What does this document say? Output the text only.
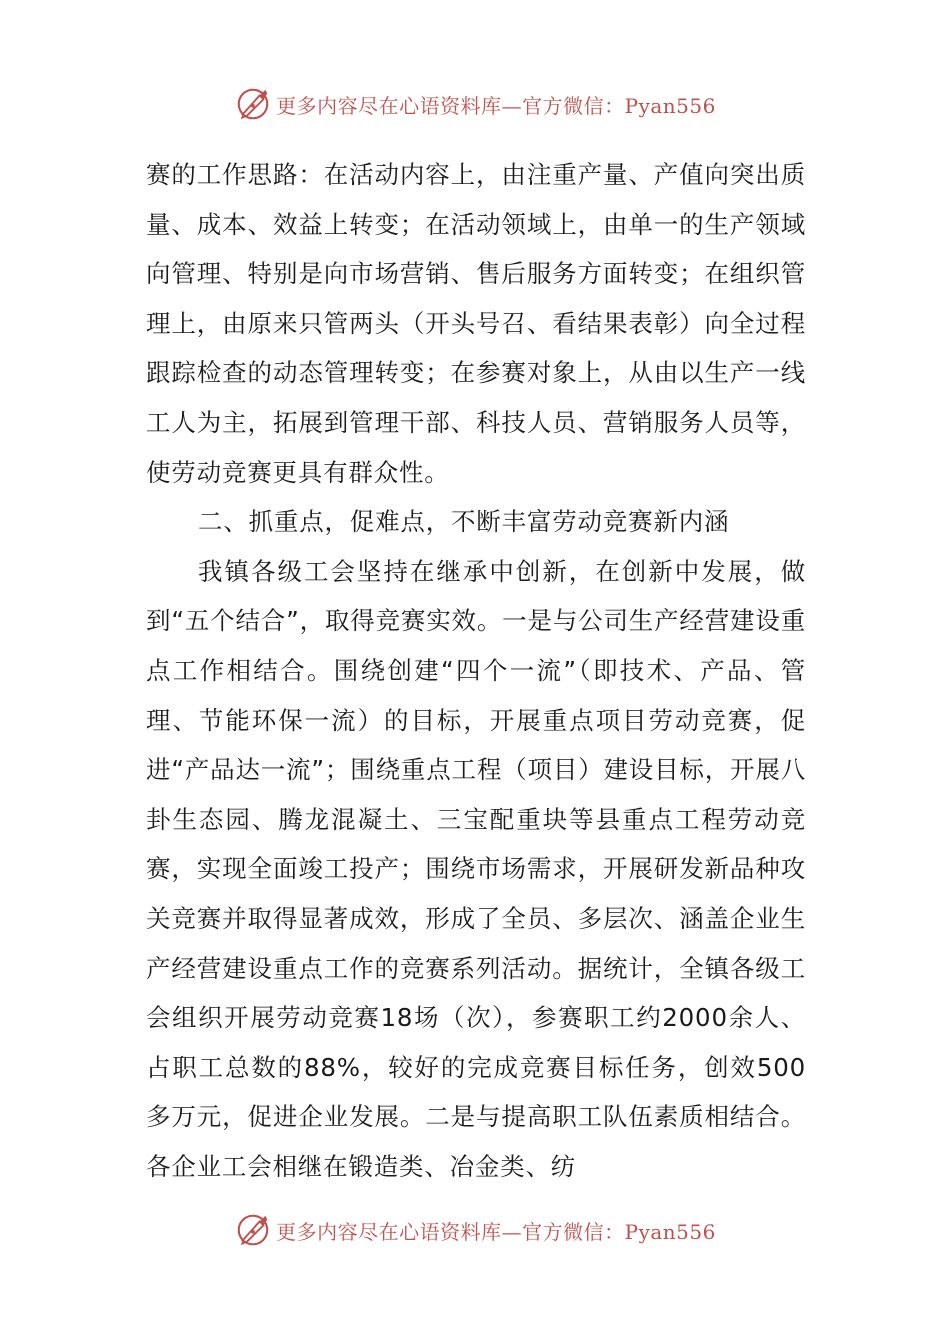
更多内容尽在心语资料库—官方微信：Pyan556

赛的工作思路：在活动内容上，由注重产量、产值向突出质量、成本、效益上转变；在活动领域上，由单一的生产领域向管理、特别是向市场营销、售后服务方面转变；在组织管理上，由原来只管两头（开头号召、看结果表彰）向全过程跟踪检查的动态管理转变；在参赛对象上，从由以生产一线工人为主，拓展到管理干部、科技人员、营销服务人员等，使劳动竞赛更具有群众性。

二、抓重点，促难点，不断丰富劳动竞赛新内涵

我镇各级工会坚持在继承中创新，在创新中发展，做到“五个结合”，取得竞赛实效。一是与公司生产经营建设重点工作相结合。围绕创建“四个一流”（即技术、产品、管理、节能环保一流）的目标，开展重点项目劳动竞赛，促进“产品达一流”；围绕重点工程（项目）建设目标，开展八卦生态园、腾龙混凝土、三宝配重块等县重点工程劳动竞赛，实现全面竣工投产；围绕市场需求，开展研发新品种攻关竞赛并取得显著成效，形成了全员、多层次、涵盖企业生产经营建设重点工作的竞赛系列活动。据统计，全镇各级工会组织开展劳动竞赛18场（次），参赛职工约2000余人、占职工总数的88%，较好的完成竞赛目标任务，创效500多万元，促进企业发展。二是与提高职工队伍素质相结合。各企业工会相继在锻造类、冶金类、纺

更多内容尽在心语资料库—官方微信：Pyan556
